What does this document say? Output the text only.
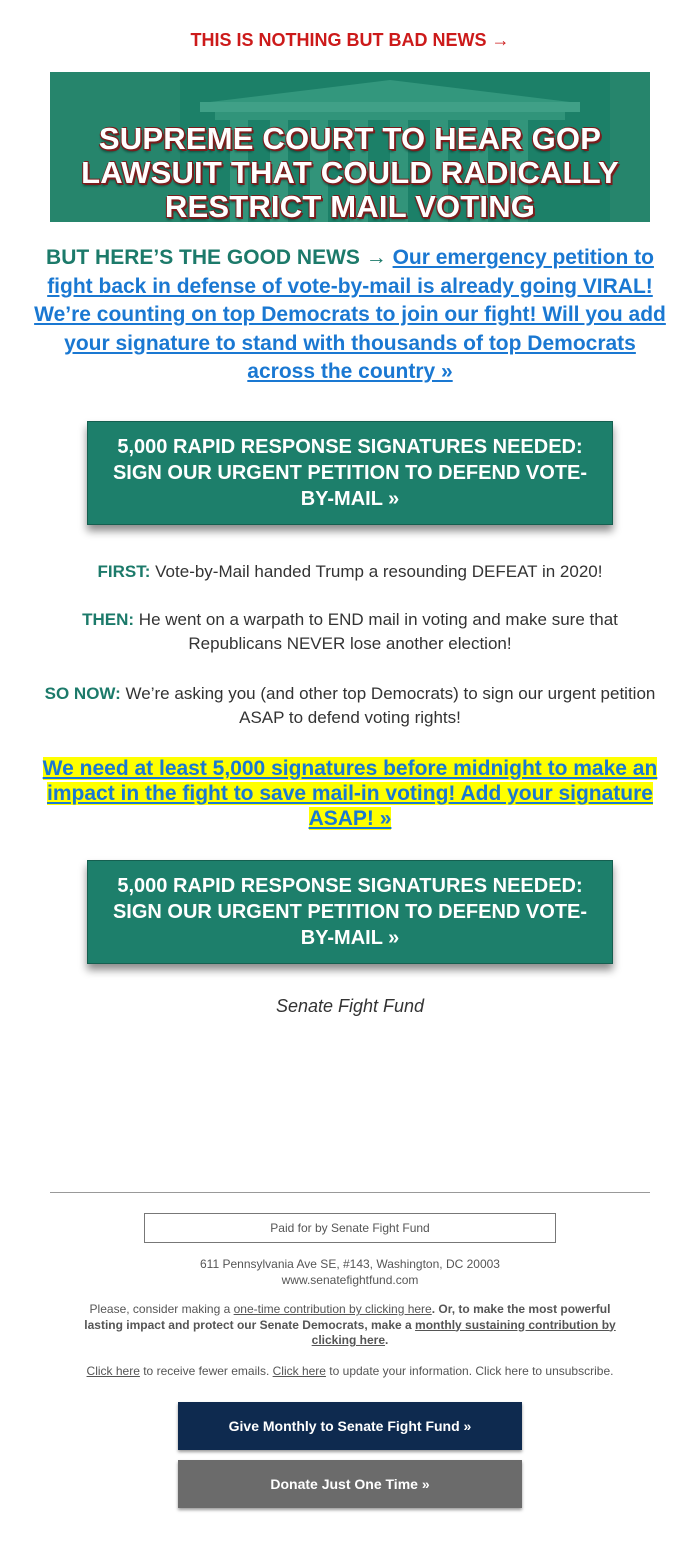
THIS IS NOTHING BUT BAD NEWS →
SUPREME COURT TO HEAR GOP
LAWSUIT THAT COULD RADICALLY
RESTRICT MAIL VOTING
BUT HERE’S THE GOOD NEWS → Our emergency petition to fight back in defense of vote-by-mail is already going VIRAL! We’re counting on top Democrats to join our fight! Will you add your signature to stand with thousands of top Democrats across the country »
5,000 RAPID RESPONSE SIGNATURES NEEDED: SIGN OUR URGENT PETITION TO DEFEND VOTE-BY-MAIL »
FIRST: Vote-by-Mail handed Trump a resounding DEFEAT in 2020!
THEN: He went on a warpath to END mail in voting and make sure that Republicans NEVER lose another election!
SO NOW: We’re asking you (and other top Democrats) to sign our urgent petition ASAP to defend voting rights!
We need at least 5,000 signatures before midnight to make an impact in the fight to save mail-in voting! Add your signature ASAP! »
5,000 RAPID RESPONSE SIGNATURES NEEDED: SIGN OUR URGENT PETITION TO DEFEND VOTE-BY-MAIL »
Senate Fight Fund
Paid for by Senate Fight Fund
611 Pennsylvania Ave SE, #143, Washington, DC 20003
www.senatefightfund.com
Please, consider making a one-time contribution by clicking here. Or, to make the most powerful lasting impact and protect our Senate Democrats, make a monthly sustaining contribution by clicking here.
Click here to receive fewer emails. Click here to update your information. Click here to unsubscribe.
Give Monthly to Senate Fight Fund »
Donate Just One Time »
